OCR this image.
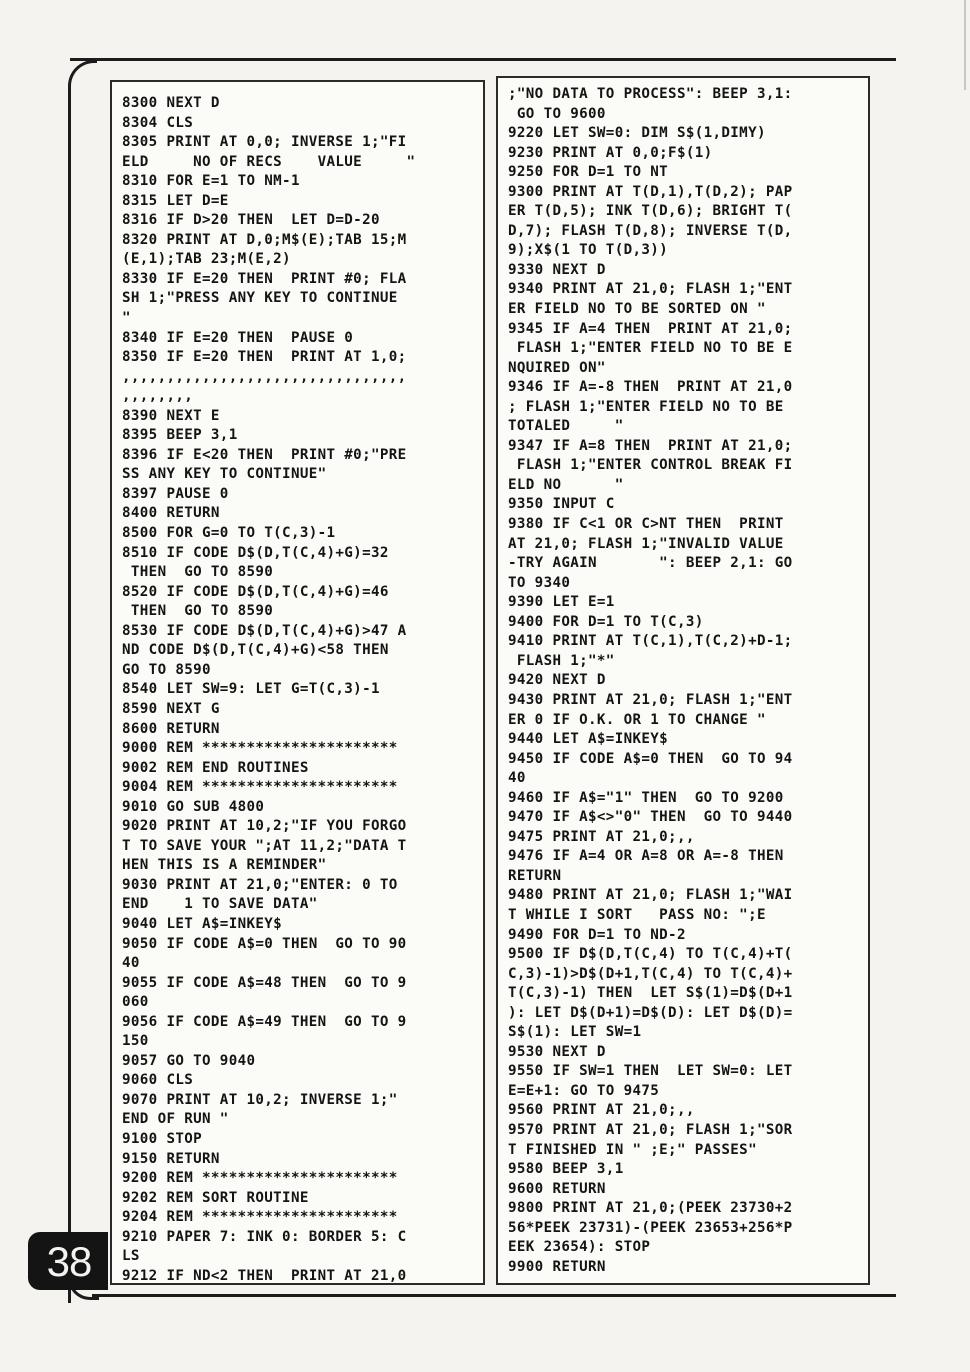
8300 NEXT D
8304 CLS
8305 PRINT AT 0,0; INVERSE 1;"FI
ELD     NO OF RECS    VALUE     "
8310 FOR E=1 TO NM-1
8315 LET D=E
8316 IF D>20 THEN  LET D=D-20
8320 PRINT AT D,0;M$(E);TAB 15;M
(E,1);TAB 23;M(E,2)
8330 IF E=20 THEN  PRINT #0; FLA
SH 1;"PRESS ANY KEY TO CONTINUE
"
8340 IF E=20 THEN  PAUSE 0
8350 IF E=20 THEN  PRINT AT 1,0;
,,,,,,,,,,,,,,,,,,,,,,,,,,,,,,,,
,,,,,,,,
8390 NEXT E
8395 BEEP 3,1
8396 IF E<20 THEN  PRINT #0;"PRE
SS ANY KEY TO CONTINUE"
8397 PAUSE 0
8400 RETURN
8500 FOR G=0 TO T(C,3)-1
8510 IF CODE D$(D,T(C,4)+G)=32
THEN  GO TO 8590
8520 IF CODE D$(D,T(C,4)+G)=46
THEN  GO TO 8590
8530 IF CODE D$(D,T(C,4)+G)>47 A
ND CODE D$(D,T(C,4)+G)<58 THEN
GO TO 8590
8540 LET SW=9: LET G=T(C,3)-1
8590 NEXT G
8600 RETURN
9000 REM **********************
9002 REM END ROUTINES
9004 REM **********************
9010 GO SUB 4800
9020 PRINT AT 10,2;"IF YOU FORGO
T TO SAVE YOUR ";AT 11,2;"DATA T
HEN THIS IS A REMINDER"
9030 PRINT AT 21,0;"ENTER: 0 TO
END    1 TO SAVE DATA"
9040 LET A$=INKEY$
9050 IF CODE A$=0 THEN  GO TO 90
40
9055 IF CODE A$=48 THEN  GO TO 9
060
9056 IF CODE A$=49 THEN  GO TO 9
150
9057 GO TO 9040
9060 CLS
9070 PRINT AT 10,2; INVERSE 1;"
END OF RUN "
9100 STOP
9150 RETURN
9200 REM **********************
9202 REM SORT ROUTINE
9204 REM **********************
9210 PAPER 7: INK 0: BORDER 5: C
LS
9212 IF ND<2 THEN  PRINT AT 21,0
;"NO DATA TO PROCESS": BEEP 3,1:
GO TO 9600
9220 LET SW=0: DIM S$(1,DIMY)
9230 PRINT AT 0,0;F$(1)
9250 FOR D=1 TO NT
9300 PRINT AT T(D,1),T(D,2); PAP
ER T(D,5); INK T(D,6); BRIGHT T(
D,7); FLASH T(D,8); INVERSE T(D,
9);X$(1 TO T(D,3))
9330 NEXT D
9340 PRINT AT 21,0; FLASH 1;"ENT
ER FIELD NO TO BE SORTED ON "
9345 IF A=4 THEN  PRINT AT 21,0;
FLASH 1;"ENTER FIELD NO TO BE E
NQUIRED ON"
9346 IF A=-8 THEN  PRINT AT 21,0
; FLASH 1;"ENTER FIELD NO TO BE
TOTALED     "
9347 IF A=8 THEN  PRINT AT 21,0;
FLASH 1;"ENTER CONTROL BREAK FI
ELD NO      "
9350 INPUT C
9380 IF C<1 OR C>NT THEN  PRINT
AT 21,0; FLASH 1;"INVALID VALUE
-TRY AGAIN       ": BEEP 2,1: GO
TO 9340
9390 LET E=1
9400 FOR D=1 TO T(C,3)
9410 PRINT AT T(C,1),T(C,2)+D-1;
FLASH 1;"*"
9420 NEXT D
9430 PRINT AT 21,0; FLASH 1;"ENT
ER 0 IF O.K. OR 1 TO CHANGE "
9440 LET A$=INKEY$
9450 IF CODE A$=0 THEN  GO TO 94
40
9460 IF A$="1" THEN  GO TO 9200
9470 IF A$<>"0" THEN  GO TO 9440
9475 PRINT AT 21,0;,,
9476 IF A=4 OR A=8 OR A=-8 THEN
RETURN
9480 PRINT AT 21,0; FLASH 1;"WAI
T WHILE I SORT   PASS NO: ";E
9490 FOR D=1 TO ND-2
9500 IF D$(D,T(C,4) TO T(C,4)+T(
C,3)-1)>D$(D+1,T(C,4) TO T(C,4)+
T(C,3)-1) THEN  LET S$(1)=D$(D+1
): LET D$(D+1)=D$(D): LET D$(D)=
S$(1): LET SW=1
9530 NEXT D
9550 IF SW=1 THEN  LET SW=0: LET
E=E+1: GO TO 9475
9560 PRINT AT 21,0;,,
9570 PRINT AT 21,0; FLASH 1;"SOR
T FINISHED IN " ;E;" PASSES"
9580 BEEP 3,1
9600 RETURN
9800 PRINT AT 21,0;(PEEK 23730+2
56*PEEK 23731)-(PEEK 23653+256*P
EEK 23654): STOP
9900 RETURN
38
